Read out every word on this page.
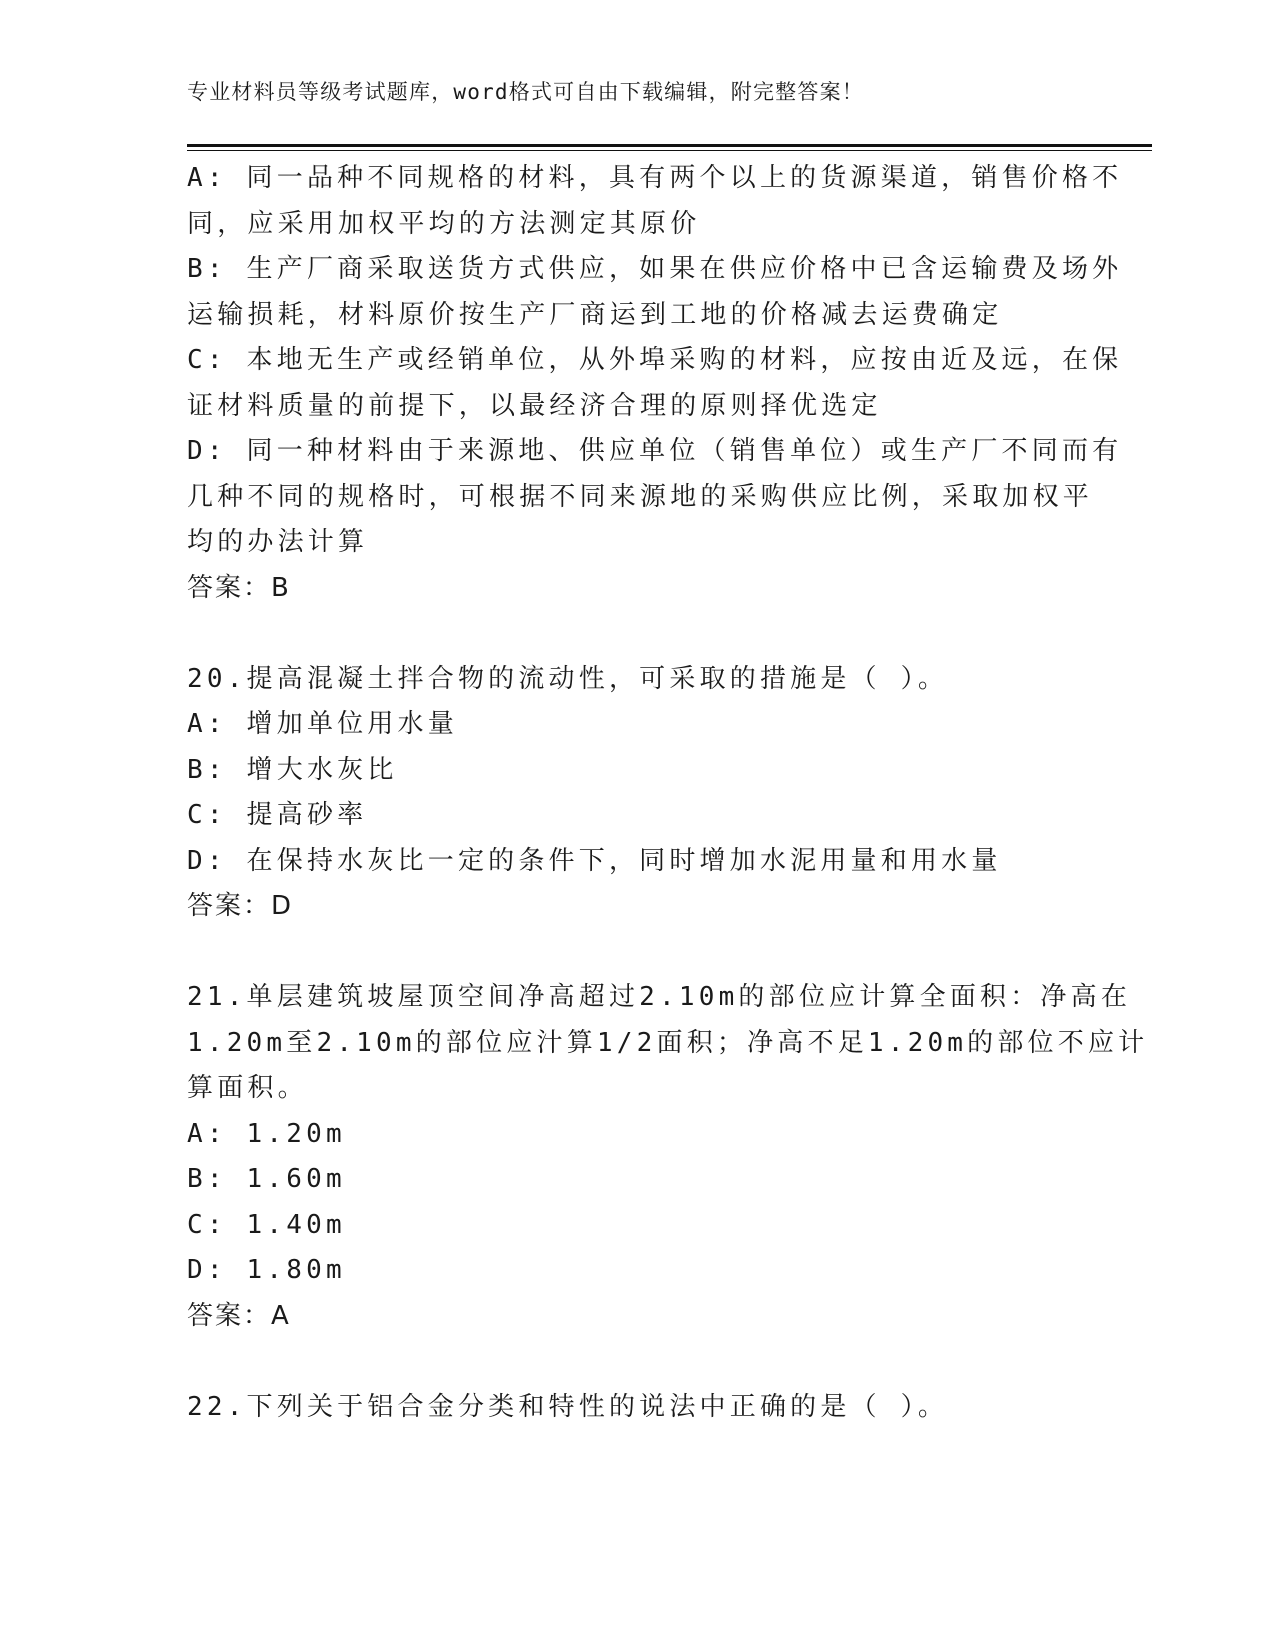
专业材料员等级考试题库，word格式可自由下载编辑，附完整答案！

A: 同一品种不同规格的材料，具有两个以上的货源渠道，销售价格不

同，应采用加权平均的方法测定其原价

B: 生产厂商采取送货方式供应，如果在供应价格中已含运输费及场外

运输损耗，材料原价按生产厂商运到工地的价格减去运费确定

C: 本地无生产或经销单位，从外埠采购的材料，应按由近及远，在保

证材料质量的前提下，以最经济合理的原则择优选定

D: 同一种材料由于来源地、供应单位（销售单位）或生产厂不同而有

几种不同的规格时，可根据不同来源地的采购供应比例，采取加权平

均的办法计算

答案：B

20.提高混凝土拌合物的流动性，可采取的措施是（ ）。

A: 增加单位用水量

B: 增大水灰比

C: 提高砂率

D: 在保持水灰比一定的条件下，同时增加水泥用量和用水量

答案：D

21.单层建筑坡屋顶空间净高超过2.10m的部位应计算全面积：净高在

1.20m至2.10m的部位应汁算1/2面积；净高不足1.20m的部位不应计

算面积。

A: 1.20m

B: 1.60m

C: 1.40m

D: 1.80m

答案：A

22.下列关于铝合金分类和特性的说法中正确的是（ ）。
